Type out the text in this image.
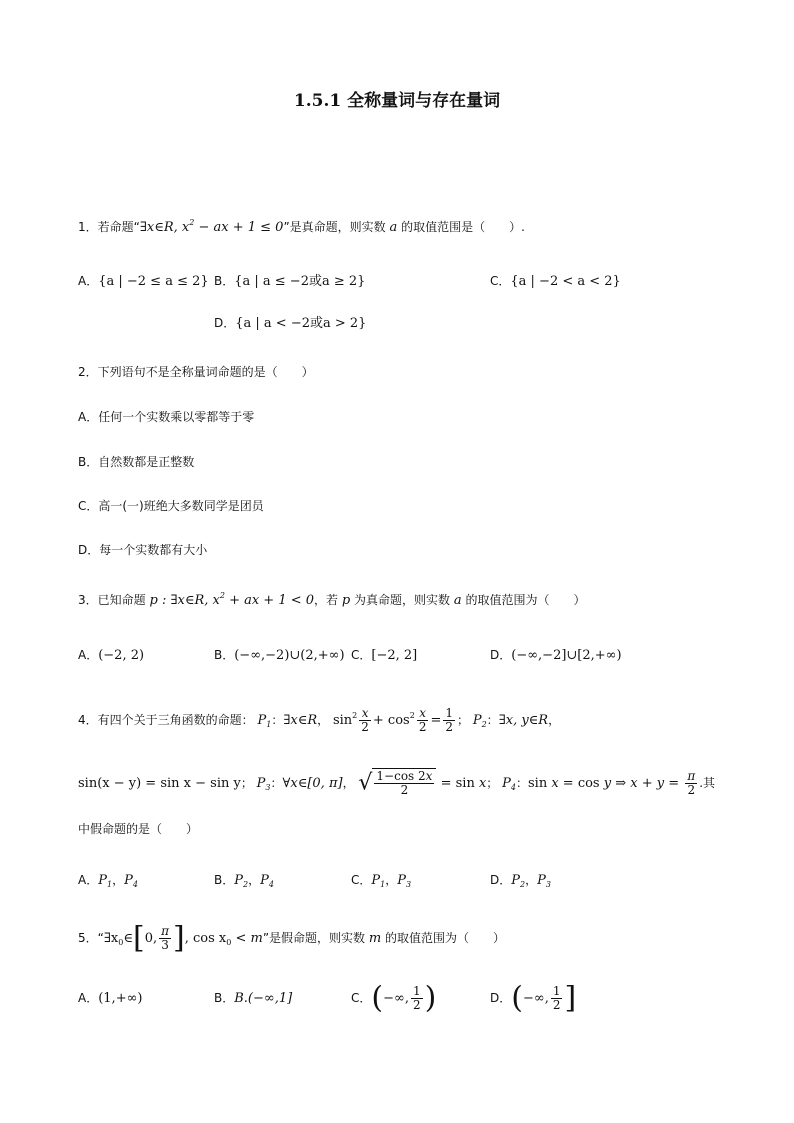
1.5.1 全称量词与存在量词
1．若命题“∃x∈R, $x^2$ − ax + 1 ≤ 0”是真命题，则实数 a 的取值范围是（　　）.
A．{a | −2 ≤ a ≤ 2} B．{a | a ≤ −2或a ≥ 2}	C．{a | −2 < a < 2}
D．{a | a < −2或a > 2}
2．下列语句不是全称量词命题的是（　　）
A．任何一个实数乘以零都等于零
B．自然数都是正整数
C．高一(一)班绝大多数同学是团员
D．每一个实数都有大小
3．已知命题 p : ∃x∈R, $x^2$ + ax + 1 < 0，若 p 为真命题，则实数 a 的取值范围为（　　）
A．(−2, 2)	B．(−∞,−2)∪(2,+∞) C．[−2, 2]	D．(−∞,−2]∪[2,+∞)
4．有四个关于三角函数的命题： $P_1$：∃x∈R， $\sin^2 \frac{x}{2} + \cos^2 \frac{x}{2} = \frac{1}{2}$ ； $P_2$：∃x, y∈R，
sin(x − y) = sin x − sin y； $P_3$：∀x∈[0, π]， √ $\frac{1-\cos 2x}{2} = \sin x$； $P_4$：sin x = cos y ⇒ $x + y = \frac{\pi}{2}$ .其
中假命题的是（　　）
A．$P_1$，$P_4$	B．$P_2$，$P_4$	C．$P_1$，$P_3$	D．$P_2$，$P_3$
5．“$\exists x_0\in[0$, $\frac{\pi}{3}$ ], $\cos x_0 < m$”是假命题，则实数 m 的取值范围为（　　）
A．(1,+∞)	B．B.(−∞,1]	C．(−∞, $\frac{1}{2}$ )	D．(−∞, $\frac{1}{2}$ ]
